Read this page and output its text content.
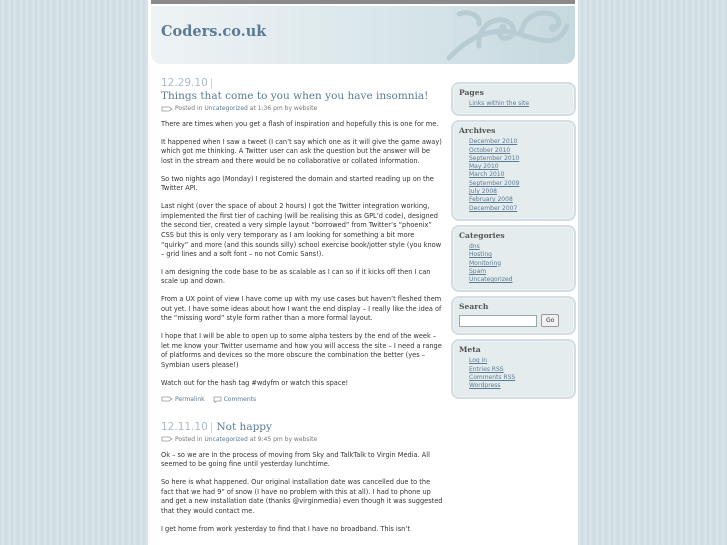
Coders.co.uk
12.29.10 |
Things that come to you when you have insomnia!
Posted in
Uncategorized
at 1:36 pm by website

There are times when you get a flash of inspiration and hopefully this is one for me.

It happened when I saw a tweet (I can’t say which one as it will give the game away) which got me thinking. A Twitter user can ask the question but the answer will be lost in the stream and there would be no collaborative or collated information.

So two nights ago (Monday) I registered the domain and started reading up on the Twitter API.

Last night (over the space of about 2 hours) I got the Twitter integration working, implemented the first tier of caching (will be realising this as GPL’d code), designed the second tier, created a very simple layout “borrowed” from Twitter’s “phoenix” CSS but this is only very temporary as I am looking for something a bit more “quirky” and more (and this sounds silly) school exercise book/jotter style (you know – grid lines and a soft font – no not Comic Sans!).

I am designing the code base to be as scalable as I can so if it kicks off then I can scale up and down.

From a UX point of view I have come up with my use cases but haven’t fleshed them out yet. I have some ideas about how I want the end display – I really like the idea of the “missing word” style form rather than a more formal layout.

I hope that I will be able to open up to some alpha testers by the end of the week – let me know your Twitter username and how you will access the site – I need a range of platforms and devices so the more obscure the combination the better (yes – Symbian users please!)

Watch out for the hash tag #wdyfm or watch this space!

Permalink	Comments
12.11.10 | Not happy
Posted in
Uncategorized
at 9:45 pm by website

Ok – so we are in the process of moving from Sky and TalkTalk to Virgin Media. All seemed to be going fine until yesterday lunchtime.

So here is what happened. Our original installation date was cancelled due to the fact that we had 9” of snow (I have no problem with this at all). I had to phone up and get a new installation date (thanks @virginmedia) even though it was suggested that they would contact me.

I get home from work yesterday to find that I have no broadband. This isn’t

Pages
Links within the site
Archives
December 2010
October 2010
September 2010
May 2010
March 2010
September 2009
July 2008
February 2008
December 2007
Categories
dns
Hosting
Monitoring
Spam
Uncategorized
Search
Go
Meta
Log in
Entries RSS
Comments RSS
Wordpress
